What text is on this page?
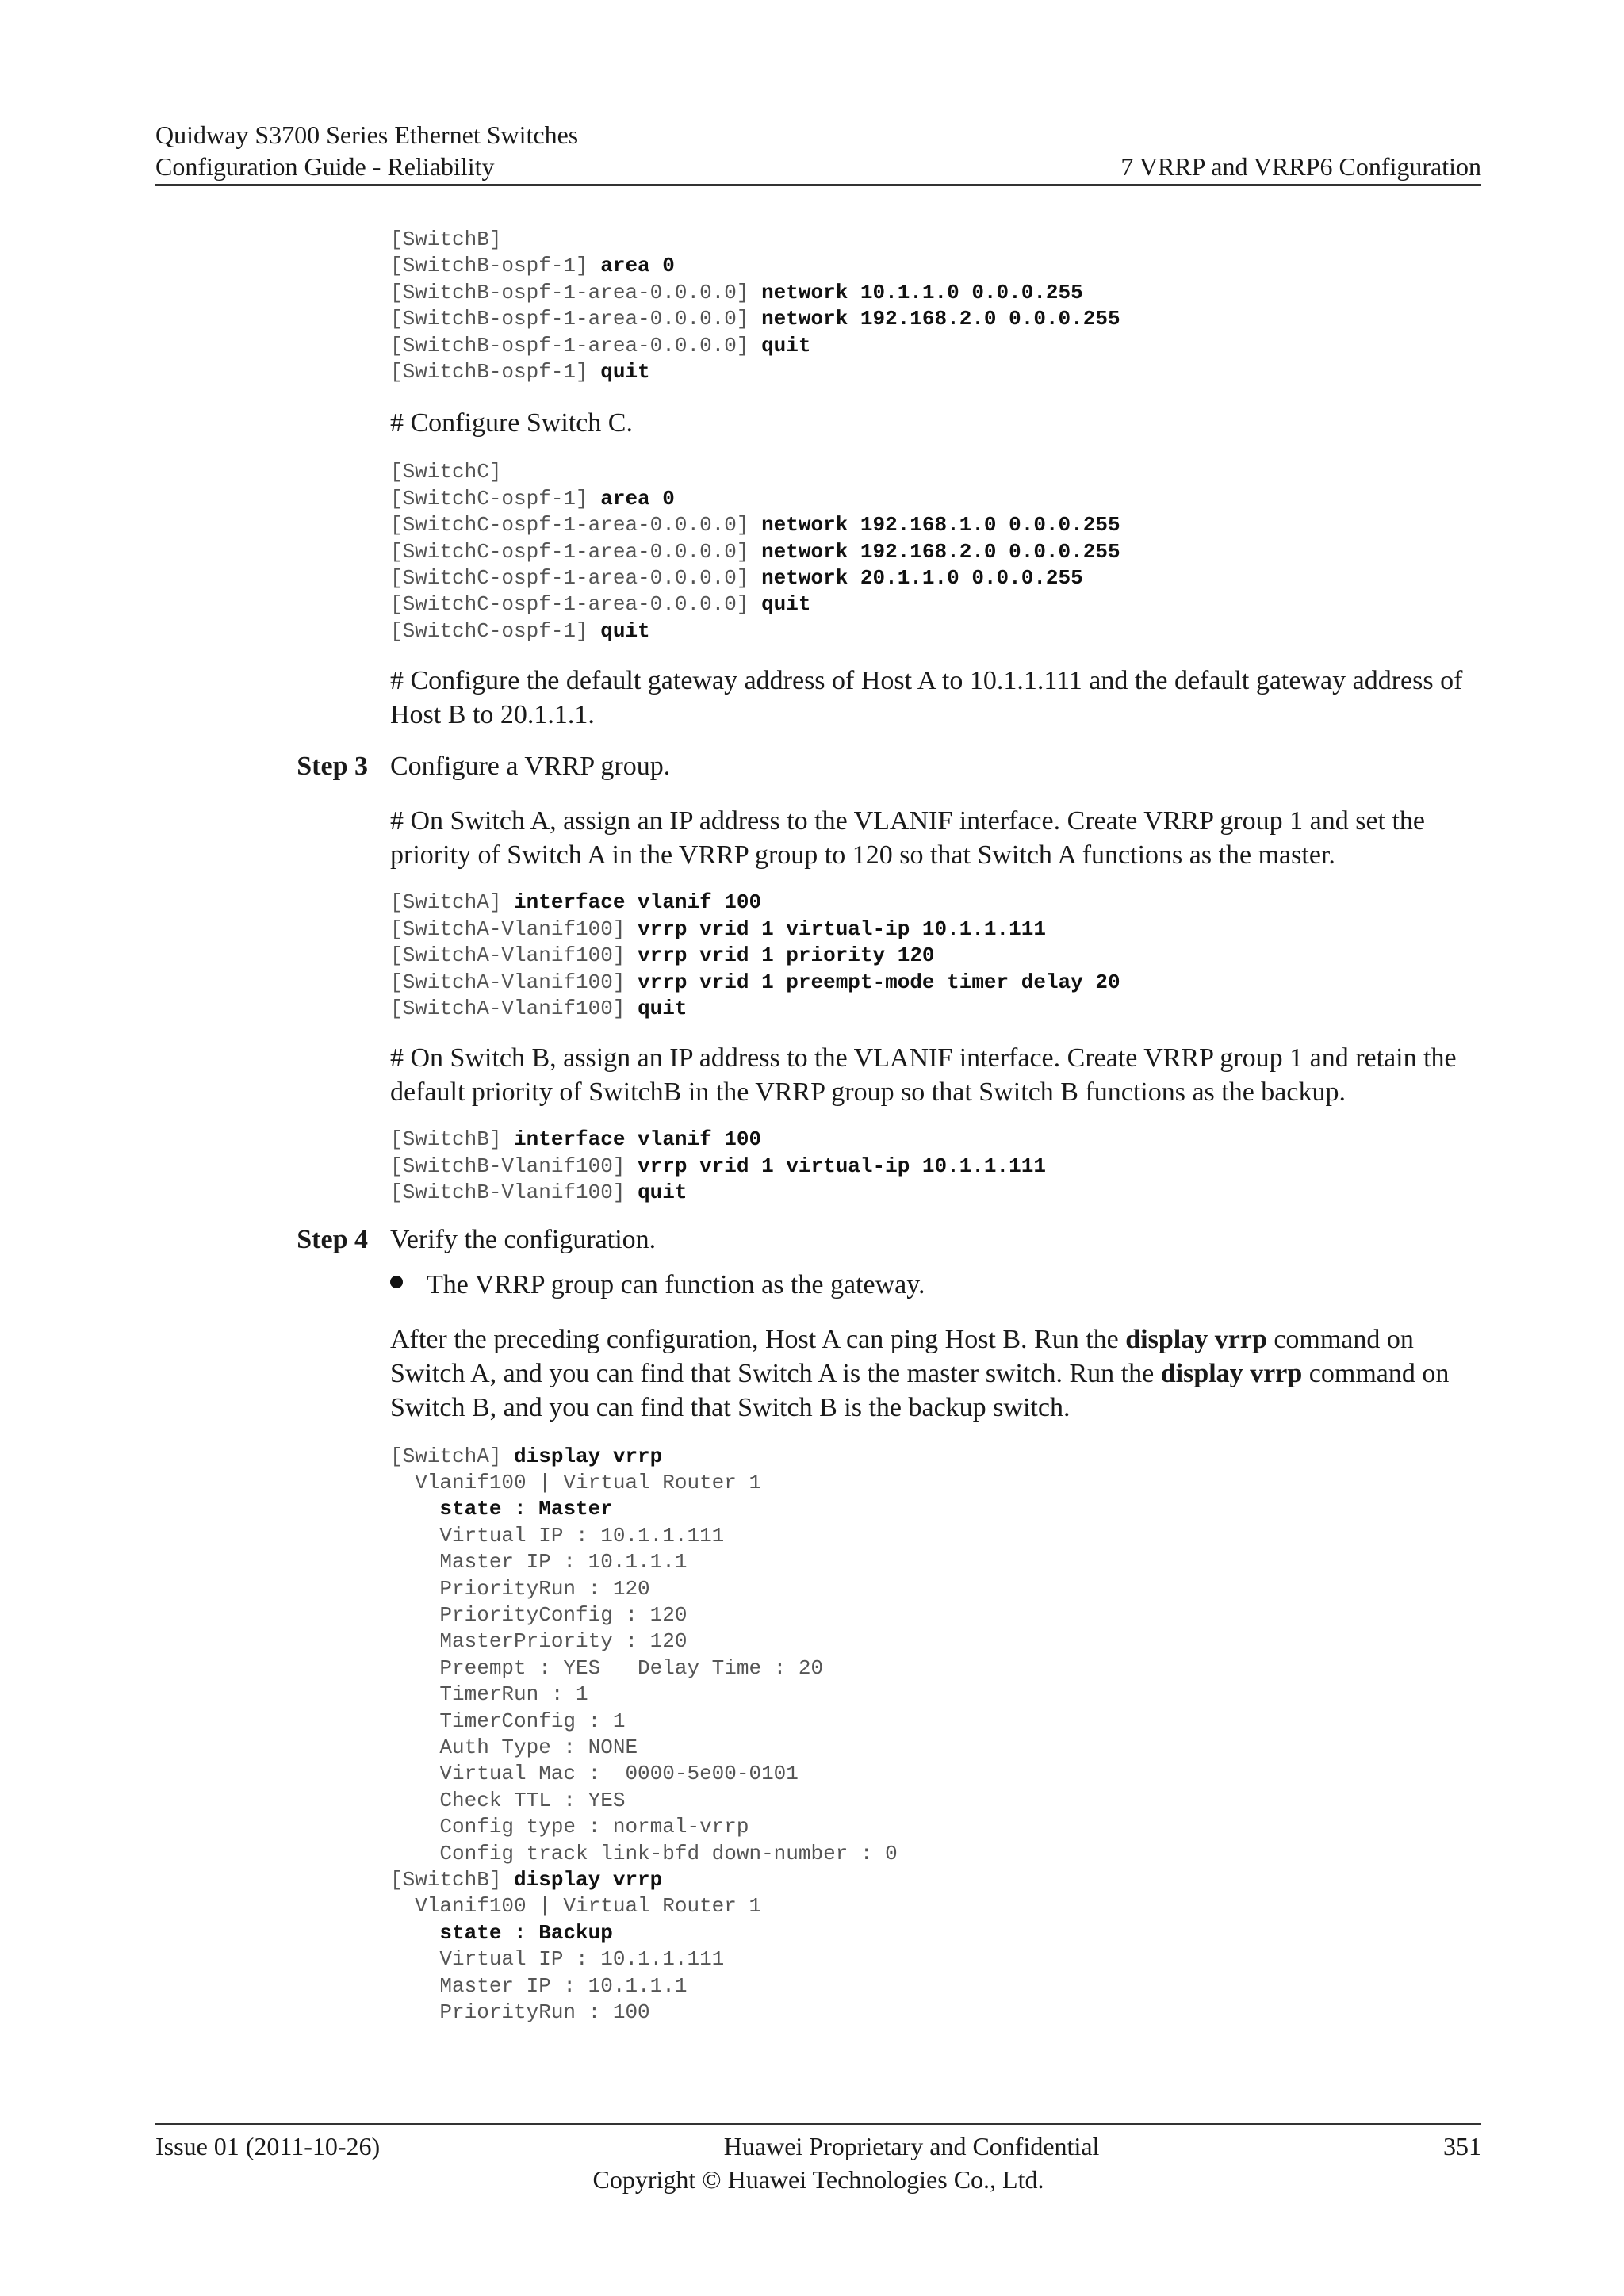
Quidway S3700 Series Ethernet Switches
Configuration Guide - Reliability	7 VRRP and VRRP6 Configuration
[SwitchB]
[SwitchB-ospf-1] area 0
[SwitchB-ospf-1-area-0.0.0.0] network 10.1.1.0 0.0.0.255
[SwitchB-ospf-1-area-0.0.0.0] network 192.168.2.0 0.0.0.255
[SwitchB-ospf-1-area-0.0.0.0] quit
[SwitchB-ospf-1] quit

# Configure Switch C.

[SwitchC]
[SwitchC-ospf-1] area 0
[SwitchC-ospf-1-area-0.0.0.0] network 192.168.1.0 0.0.0.255
[SwitchC-ospf-1-area-0.0.0.0] network 192.168.2.0 0.0.0.255
[SwitchC-ospf-1-area-0.0.0.0] network 20.1.1.0 0.0.0.255
[SwitchC-ospf-1-area-0.0.0.0] quit
[SwitchC-ospf-1] quit

# Configure the default gateway address of Host A to 10.1.1.111 and the default gateway address of Host B to 20.1.1.1.

Step 3 Configure a VRRP group.

# On Switch A, assign an IP address to the VLANIF interface. Create VRRP group 1 and set the priority of Switch A in the VRRP group to 120 so that Switch A functions as the master.

[SwitchA] interface vlanif 100
[SwitchA-Vlanif100] vrrp vrid 1 virtual-ip 10.1.1.111
[SwitchA-Vlanif100] vrrp vrid 1 priority 120
[SwitchA-Vlanif100] vrrp vrid 1 preempt-mode timer delay 20
[SwitchA-Vlanif100] quit

# On Switch B, assign an IP address to the VLANIF interface. Create VRRP group 1 and retain the default priority of SwitchB in the VRRP group so that Switch B functions as the backup.

[SwitchB] interface vlanif 100
[SwitchB-Vlanif100] vrrp vrid 1 virtual-ip 10.1.1.111
[SwitchB-Vlanif100] quit
Step 4 Verify the configuration.
The VRRP group can function as the gateway.

After the preceding configuration, Host A can ping Host B. Run the display vrrp command on Switch A, and you can find that Switch A is the master switch. Run the display vrrp command on Switch B, and you can find that Switch B is the backup switch.

[SwitchA] display vrrp
Vlanif100 | Virtual Router 1
state : Master
Virtual IP : 10.1.1.111
Master IP : 10.1.1.1
PriorityRun : 120
PriorityConfig : 120
MasterPriority : 120
Preempt : YES   Delay Time : 20
TimerRun : 1
TimerConfig : 1
Auth Type : NONE
Virtual Mac :  0000-5e00-0101
Check TTL : YES
Config type : normal-vrrp
Config track link-bfd down-number : 0
[SwitchB] display vrrp
Vlanif100 | Virtual Router 1
state : Backup
Virtual IP : 10.1.1.111
Master IP : 10.1.1.1
PriorityRun : 100
Issue 01 (2011-10-26)	Huawei Proprietary and Confidential	351
Copyright © Huawei Technologies Co., Ltd.
